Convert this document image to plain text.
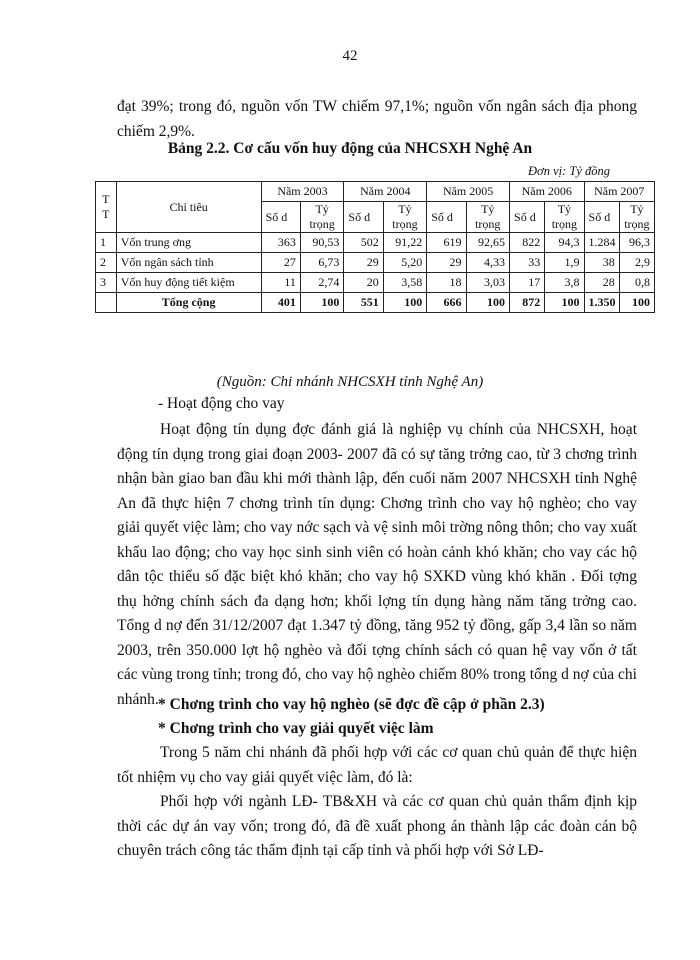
42

đạt 39%; trong đó, nguồn vốn TW chiếm 97,1%; nguồn vốn ngân sách địa phong chiếm 2,9%.

Bảng 2.2. Cơ cấu vốn huy động của NHCSXH Nghệ An
Đơn vị: Tỷ đồng
T T	Chỉ tiêu	Năm 2003		Năm 2004		Năm 2005		Năm 2006		Năm 2007	
		Số d	Tỷ trọng	Số d	Tỷ trọng	Số d	Tỷ trọng	Số d	Tỷ trọng	Số d	Tỷ trọng
1	Vốn trung ơng	363	90,53	502	91,22	619	92,65	822	94,3	1.284	96,3
2	Vốn ngân sách tỉnh	27	6,73	29	5,20	29	4,33	33	1,9	38	2,9
3	Vốn huy động tiết kiệm	11	2,74	20	3,58	18	3,03	17	3,8	28	0,8
	Tổng cộng	401	100	551	100	666	100	872	100	1.350	100
(Nguồn: Chi nhánh NHCSXH tỉnh Nghệ An)
- Hoạt động cho vay

Hoạt động tín dụng đợc đánh giá là nghiệp vụ chính của NHCSXH, hoạt động tín dụng trong giai đoạn 2003- 2007 đã có sự tăng trởng cao, từ 3 chơng trình nhận bàn giao ban đầu khi mới thành lập, đến cuối năm 2007 NHCSXH tỉnh Nghệ An đã thực hiện 7 chơng trình tín dụng: Chơng trình cho vay hộ nghèo; cho vay giải quyết việc làm; cho vay nớc sạch và vệ sinh môi trờng nông thôn; cho vay xuất khẩu lao động; cho vay học sinh sinh viên có hoàn cảnh khó khăn; cho vay các hộ dân tộc thiểu số đặc biệt khó khăn; cho vay hộ SXKD vùng khó khăn . Đối tợng thụ hởng chính sách đa dạng hơn; khối lợng tín dụng hàng năm tăng trởng cao. Tổng d nợ đến 31/12/2007 đạt 1.347 tỷ đồng, tăng 952 tỷ đồng, gấp 3,4 lần so năm 2003, trên 350.000 lợt hộ nghèo và đối tợng chính sách có quan hệ vay vốn ở tất các vùng trong tỉnh; trong đó, cho vay hộ nghèo chiếm 80% trong tổng d nợ của chi nhánh. * Chơng trình cho vay hộ nghèo (sẽ đợc đề cập ở phần 2.3)
* Chơng trình cho vay giải quyết việc làm

Trong 5 năm chi nhánh đã phối hợp với các cơ quan chủ quản để thực hiện tốt nhiệm vụ cho vay giải quyết việc làm, đó là:

Phối hợp với ngành LĐ- TB&XH và các cơ quan chủ quản thẩm định kịp thời các dự án vay vốn; trong đó, đã đề xuất phong án thành lập các đoàn cán bộ chuyên trách công tác thẩm định tại cấp tỉnh và phối hợp với Sở LĐ-
